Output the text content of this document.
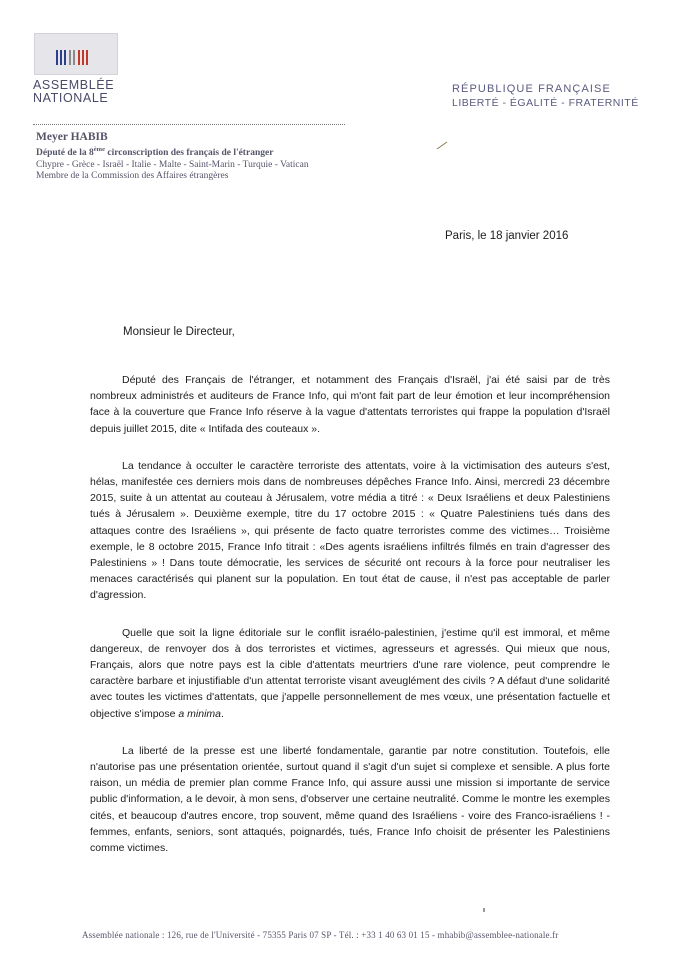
ASSEMBLÉE
NATIONALE
RÉPUBLIQUE FRANÇAISE
LIBERTÉ - ÉGALITÉ - FRATERNITÉ
Meyer HABIB
Député de la 8ème circonscription des français de l'étranger
Chypre - Grèce - Israël - Italie - Malte - Saint-Marin - Turquie - Vatican
Membre de la Commission des Affaires étrangères
Paris, le 18 janvier 2016
Monsieur le Directeur,

Député des Français de l'étranger, et notamment des Français d'Israël, j'ai été saisi par de très nombreux administrés et auditeurs de France Info, qui m'ont fait part de leur émotion et leur incompréhension face à la couverture que France Info réserve à la vague d'attentats terroristes qui frappe la population d'Israël depuis juillet 2015, dite « Intifada des couteaux ».

La tendance à occulter le caractère terroriste des attentats, voire à la victimisation des auteurs s'est, hélas, manifestée ces derniers mois dans de nombreuses dépêches France Info. Ainsi, mercredi 23 décembre 2015, suite à un attentat au couteau à Jérusalem, votre média a titré : « Deux Israéliens et deux Palestiniens tués à Jérusalem ». Deuxième exemple, titre du 17 octobre 2015 : « Quatre Palestiniens tués dans des attaques contre des Israéliens », qui présente de facto quatre terroristes comme des victimes… Troisième exemple, le 8 octobre 2015, France Info titrait : «Des agents israéliens infiltrés filmés en train d'agresser des Palestiniens » ! Dans toute démocratie, les services de sécurité ont recours à la force pour neutraliser les menaces caractérisés qui planent sur la population. En tout état de cause, il n'est pas acceptable de parler d'agression.

Quelle que soit la ligne éditoriale sur le conflit israélo-palestinien, j'estime qu'il est immoral, et même dangereux, de renvoyer dos à dos terroristes et victimes, agresseurs et agressés. Qui mieux que nous, Français, alors que notre pays est la cible d'attentats meurtriers d'une rare violence, peut comprendre le caractère barbare et injustifiable d'un attentat terroriste visant aveuglément des civils ? A défaut d'une solidarité avec toutes les victimes d'attentats, que j'appelle personnellement de mes vœux, une présentation factuelle et objective s'impose a minima.

La liberté de la presse est une liberté fondamentale, garantie par notre constitution. Toutefois, elle n'autorise pas une présentation orientée, surtout quand il s'agit d'un sujet si complexe et sensible. A plus forte raison, un média de premier plan comme France Info, qui assure aussi une mission si importante de service public d'information, a le devoir, à mon sens, d'observer une certaine neutralité. Comme le montre les exemples cités, et beaucoup d'autres encore, trop souvent, même quand des Israéliens - voire des Franco-israéliens ! - femmes, enfants, seniors, sont attaqués, poignardés, tués, France Info choisit de présenter les Palestiniens comme victimes.

Assemblée nationale : 126, rue de l'Université - 75355 Paris 07 SP - Tél. : +33 1 40 63 01 15 - mhabib@assemblee-nationale.fr
